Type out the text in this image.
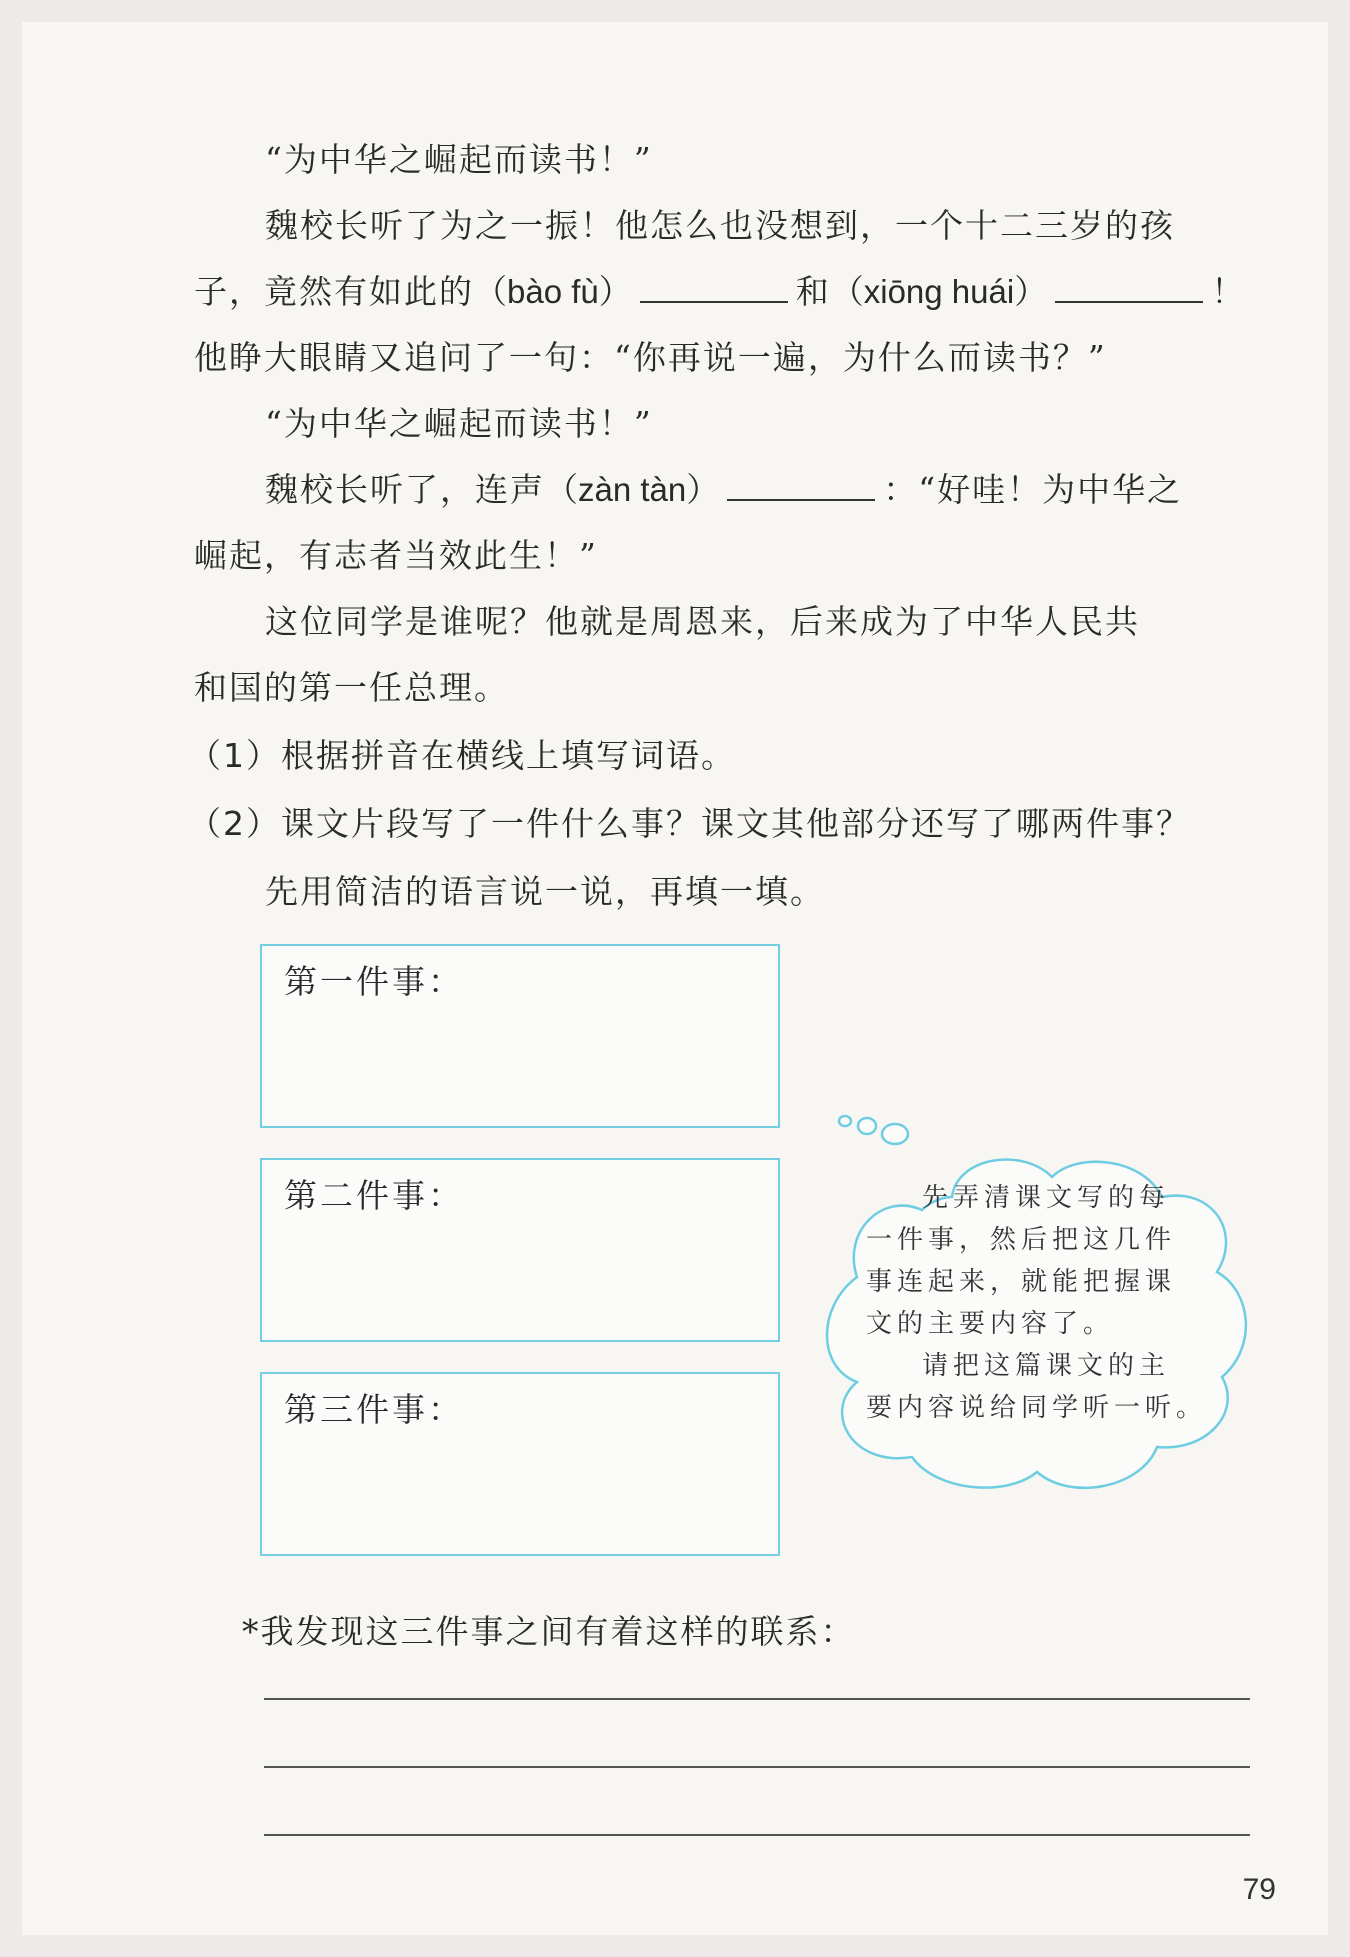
“为中华之崛起而读书！”
魏校长听了为之一振！他怎么也没想到，一个十二三岁的孩
子，竟然有如此的（bào fù）	和（xiōng huái）	！
他睁大眼睛又追问了一句：“你再说一遍，为什么而读书？”
“为中华之崛起而读书！”
魏校长听了，连声（zàn tàn）	：“好哇！为中华之
崛起，有志者当效此生！”
这位同学是谁呢？他就是周恩来，后来成为了中华人民共
和国的第一任总理。
（1）根据拼音在横线上填写词语。
（2）课文片段写了一件什么事？课文其他部分还写了哪两件事？
先用简洁的语言说一说，再填一填。
第一件事：
第二件事：
第三件事：
先弄清课文写的每
一件事，然后把这几件
事连起来，就能把握课
文的主要内容了。
请把这篇课文的主
要内容说给同学听一听。
*我发现这三件事之间有着这样的联系：
79
